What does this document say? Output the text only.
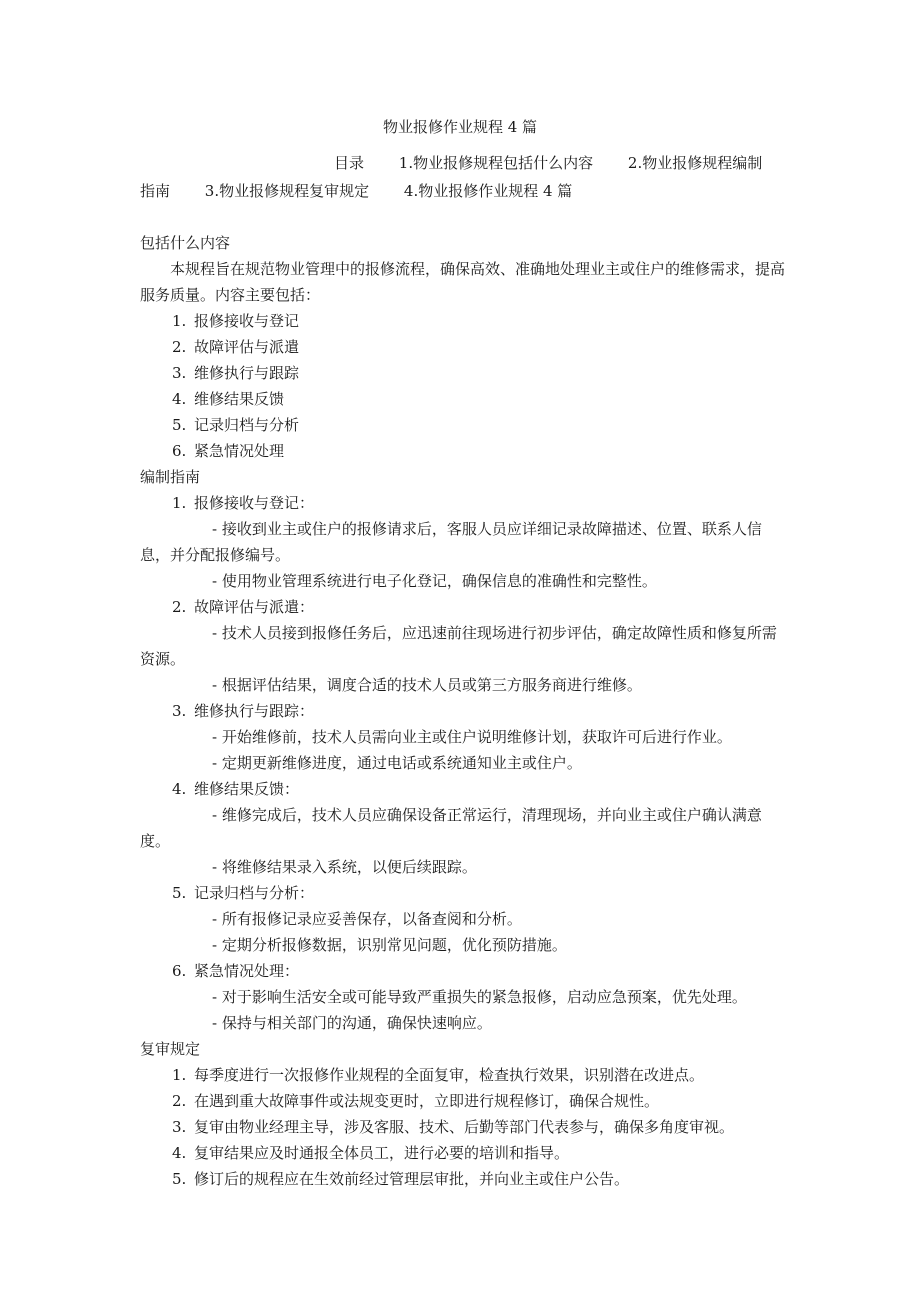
物业报修作业规程 4 篇
目录 1.物业报修规程包括什么内容 2.物业报修规程编制
指南 3.物业报修规程复审规定 4.物业报修作业规程 4 篇

包括什么内容

本规程旨在规范物业管理中的报修流程，确保高效、准确地处理业主或住户的维修需求，提高服务质量。内容主要包括：

1. 报修接收与登记

2. 故障评估与派遣

3. 维修执行与跟踪

4. 维修结果反馈

5. 记录归档与分析

6. 紧急情况处理

编制指南

1. 报修接收与登记：

- 接收到业主或住户的报修请求后，客服人员应详细记录故障描述、位置、联系人信息，并分配报修编号。

- 使用物业管理系统进行电子化登记，确保信息的准确性和完整性。

2. 故障评估与派遣：

- 技术人员接到报修任务后，应迅速前往现场进行初步评估，确定故障性质和修复所需资源。

- 根据评估结果，调度合适的技术人员或第三方服务商进行维修。

3. 维修执行与跟踪：

- 开始维修前，技术人员需向业主或住户说明维修计划，获取许可后进行作业。

- 定期更新维修进度，通过电话或系统通知业主或住户。

4. 维修结果反馈：

- 维修完成后，技术人员应确保设备正常运行，清理现场，并向业主或住户确认满意度。

- 将维修结果录入系统，以便后续跟踪。

5. 记录归档与分析：

- 所有报修记录应妥善保存，以备查阅和分析。

- 定期分析报修数据，识别常见问题，优化预防措施。

6. 紧急情况处理：

- 对于影响生活安全或可能导致严重损失的紧急报修，启动应急预案，优先处理。

- 保持与相关部门的沟通，确保快速响应。

复审规定

1. 每季度进行一次报修作业规程的全面复审，检查执行效果，识别潜在改进点。

2. 在遇到重大故障事件或法规变更时，立即进行规程修订，确保合规性。

3. 复审由物业经理主导，涉及客服、技术、后勤等部门代表参与，确保多角度审视。

4. 复审结果应及时通报全体员工，进行必要的培训和指导。

5. 修订后的规程应在生效前经过管理层审批，并向业主或住户公告。
